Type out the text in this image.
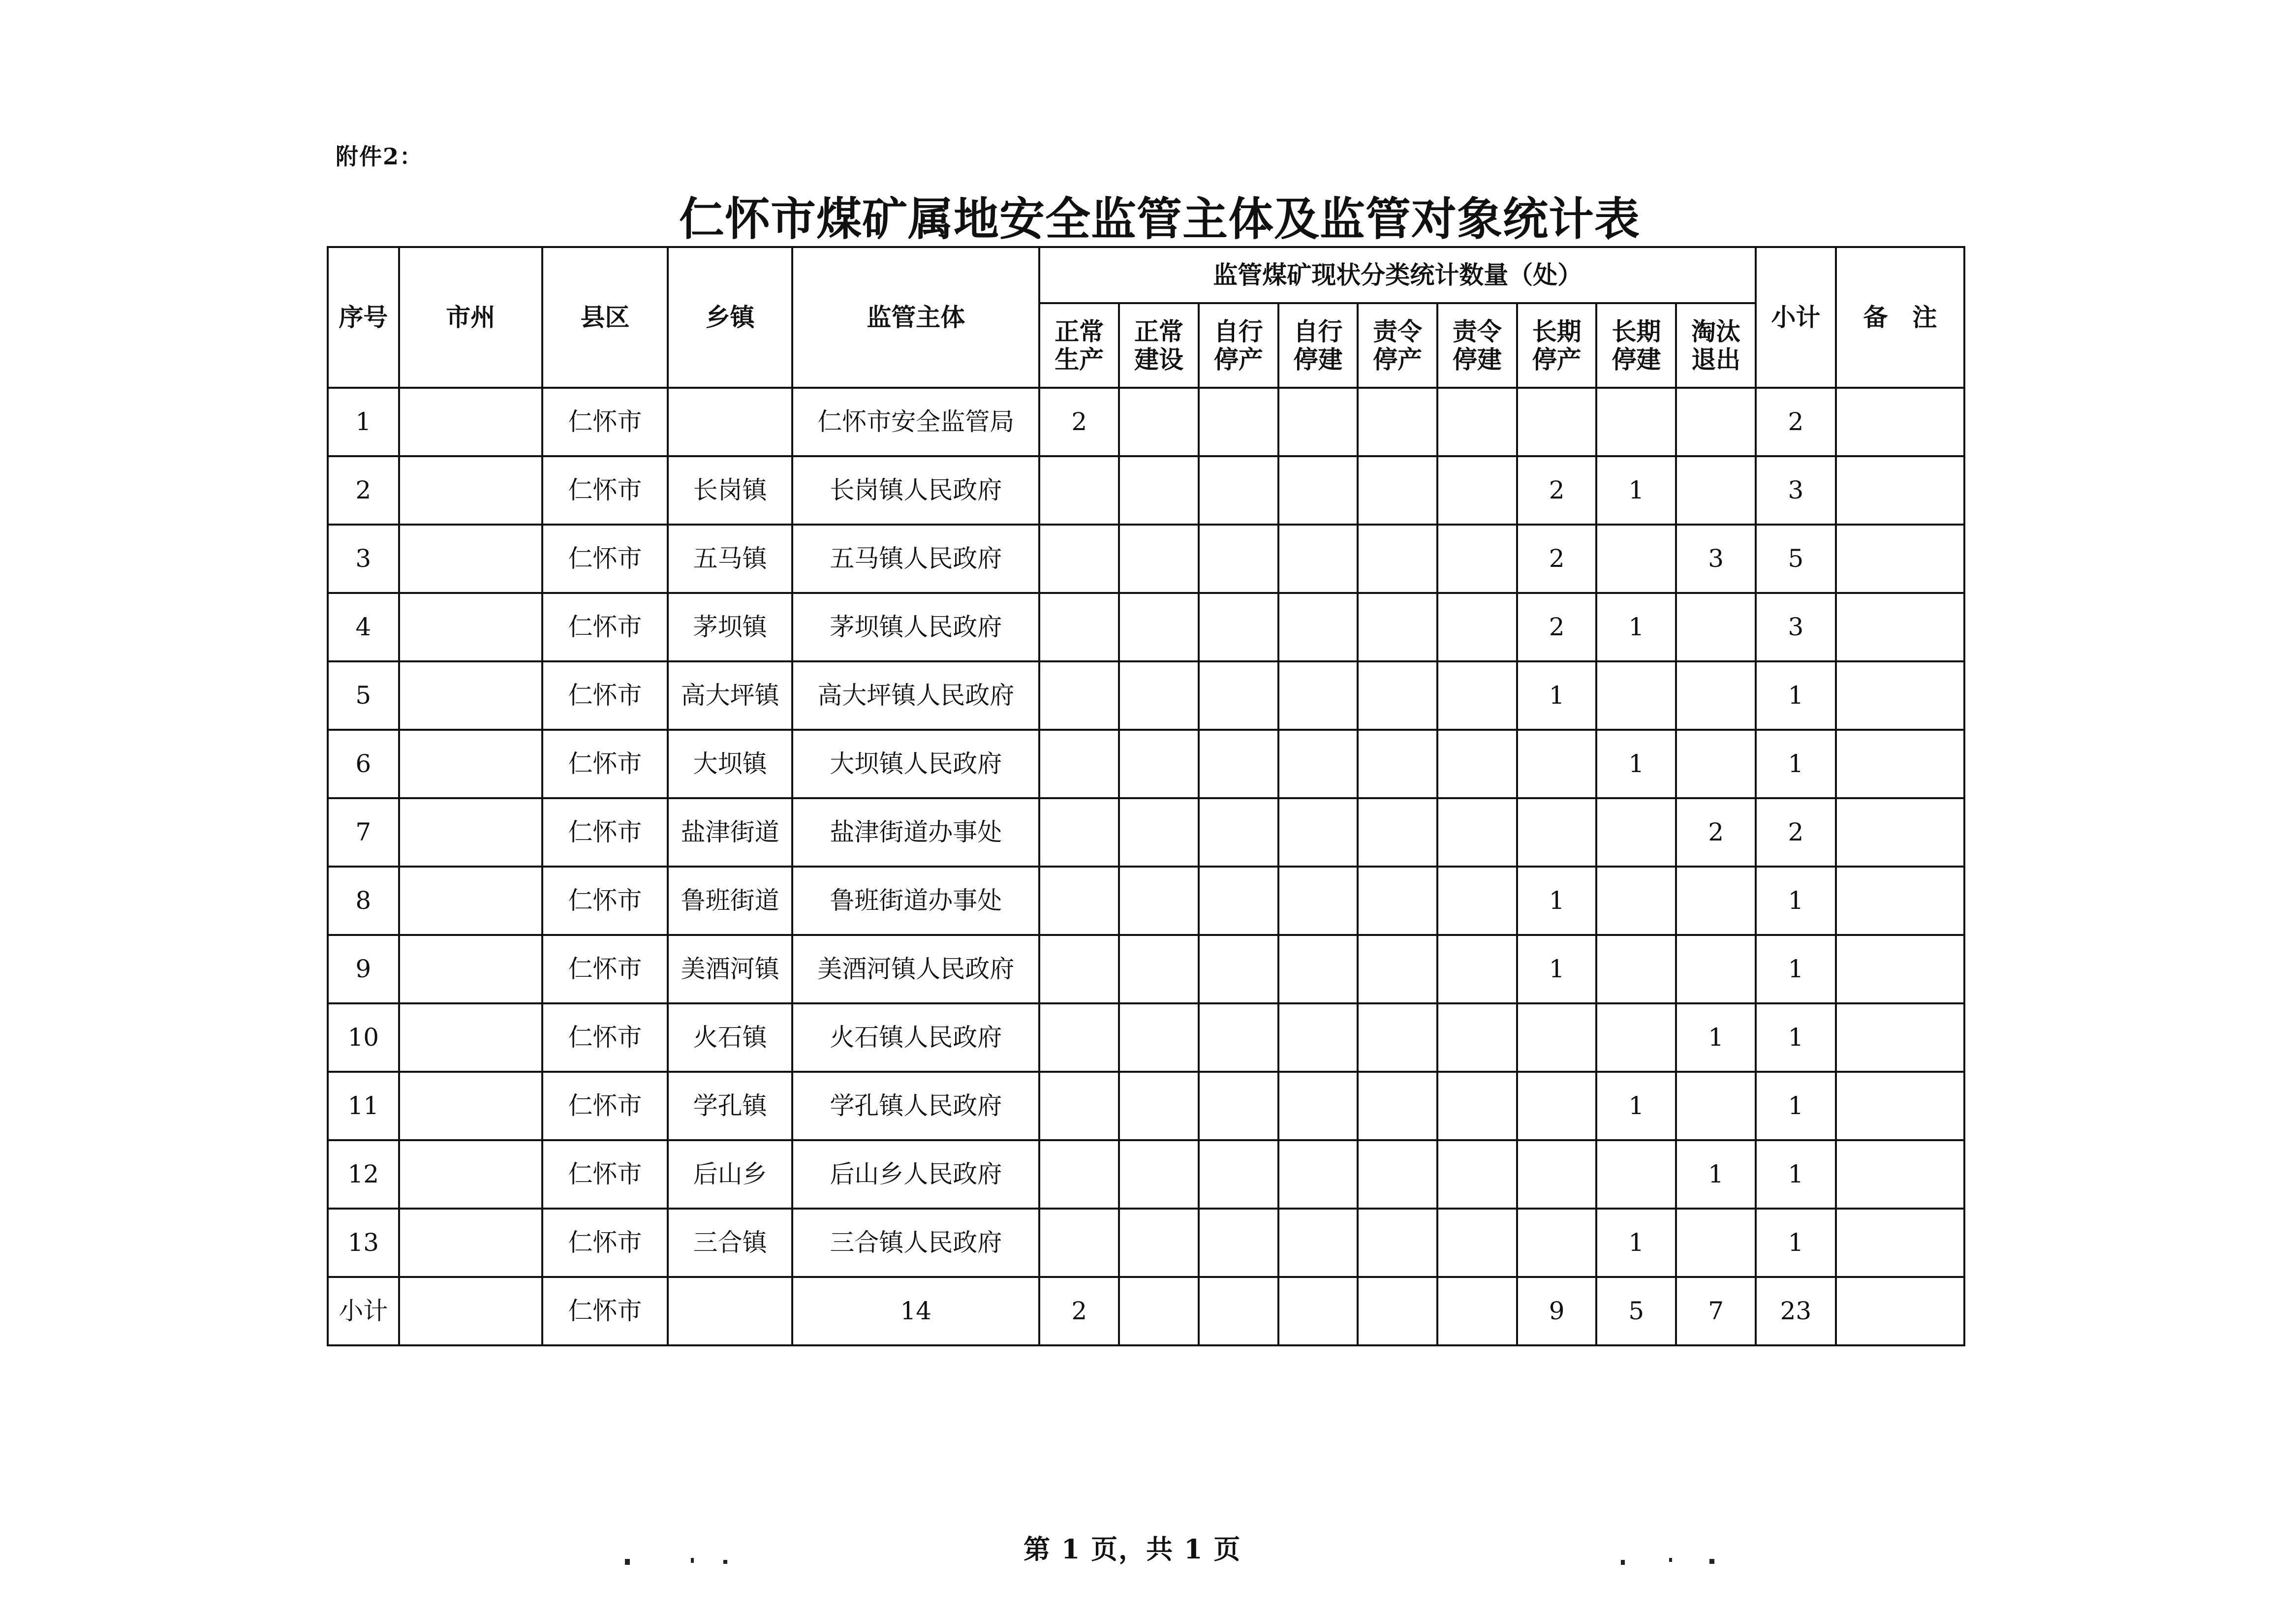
附件2：
仁怀市煤矿属地安全监管主体及监管对象统计表
序号	市州	县区	乡镇	监管主体	监管煤矿现状分类统计数量（处）									小计	备　注

					正常
生产	正常
建设	自行
停产	自行
停建	责令
停产	责令
停建	长期
停产	长期
停建	淘汰
退出		

1		仁怀市		仁怀市安全监管局	2									2	
2		仁怀市	长岗镇	长岗镇人民政府							2	1		3	
3		仁怀市	五马镇	五马镇人民政府							2		3	5	
4		仁怀市	茅坝镇	茅坝镇人民政府							2	1		3	
5		仁怀市	高大坪镇	高大坪镇人民政府							1			1	
6		仁怀市	大坝镇	大坝镇人民政府								1		1	
7		仁怀市	盐津街道	盐津街道办事处									2	2	
8		仁怀市	鲁班街道	鲁班街道办事处							1			1	
9		仁怀市	美酒河镇	美酒河镇人民政府							1			1	
10		仁怀市	火石镇	火石镇人民政府									1	1	
11		仁怀市	学孔镇	学孔镇人民政府								1		1	
12		仁怀市	后山乡	后山乡人民政府									1	1	
13		仁怀市	三合镇	三合镇人民政府								1		1	
小计		仁怀市		14	2						9	5	7	23	
第 1 页，共 1 页
